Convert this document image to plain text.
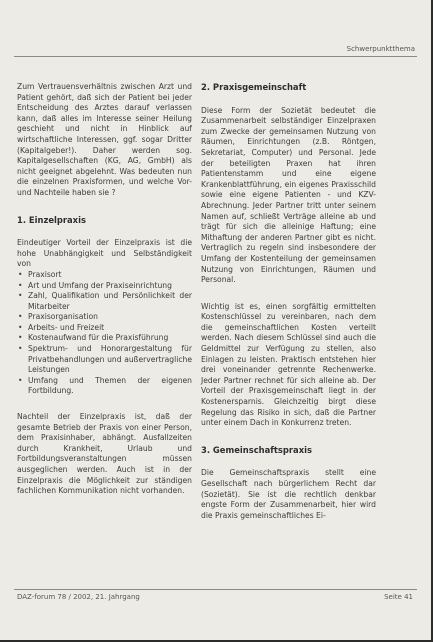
Schwerpunktthema

Zum Vertrauensverhältnis zwischen Arzt und Patient gehört, daß sich der Patient bei jeder Entscheidung des Arztes darauf verlassen kann, daß alles im Interesse seiner Heilung geschieht und nicht in Hinblick auf wirtschaftliche Interessen, ggf. sogar Dritter (Kapitalgeber!). Daher werden sog. Kapitalgesellschaften (KG, AG, GmbH) als nicht geeignet abgelehnt. Was bedeuten nun die einzelnen Praxisformen, und welche Vor- und Nachteile haben sie ?

1. Einzelpraxis

Eindeutiger Vorteil der Einzelpraxis ist die hohe Unabhängigkeit und Selbständigkeit von

• Praxisort
• Art und Umfang der Praxiseinrichtung
• Zahl, Qualifikation und Persönlichkeit der Mitarbeiter
• Praxisorganisation
• Arbeits- und Freizeit
• Kostenaufwand für die Praxisführung
• Spektrum- und Honorargestaltung für Privatbehandlungen und außervertragliche Leistungen
• Umfang und Themen der eigenen Fortbildung.

Nachteil der Einzelpraxis ist, daß der gesamte Betrieb der Praxis von einer Person, dem Praxisinhaber, abhängt. Ausfallzeiten durch Krankheit, Urlaub und Fortbildungsveranstaltungen müssen ausgeglichen werden. Auch ist in der Einzelpraxis die Möglichkeit zur ständigen fachlichen Kommunikation nicht vorhanden.

2. Praxisgemeinschaft

Diese Form der Sozietät bedeutet die Zusammenarbeit selbständiger Einzelpraxen zum Zwecke der gemeinsamen Nutzung von Räumen, Einrichtungen (z.B. Röntgen, Sekretariat, Computer) und Personal. Jede der beteiligten Praxen hat ihren Patientenstamm und eine eigene Krankenblattführung, ein eigenes Praxisschild sowie eine eigene Patienten - und KZV- Abrechnung. Jeder Partner tritt unter seinem Namen auf, schließt Verträge alleine ab und trägt für sich die alleinige Haftung; eine Mithaftung der anderen Partner gibt es nicht. Vertraglich zu regeln sind insbesondere der Umfang der Kostenteilung der gemeinsamen Nutzung von Einrichtungen, Räumen und Personal.

Wichtig ist es, einen sorgfältig ermittelten Kostenschlüssel zu vereinbaren, nach dem die gemeinschaftlichen Kosten verteilt werden. Nach diesem Schlüssel sind auch die Geldmittel zur Verfügung zu stellen, also Einlagen zu leisten. Praktisch entstehen hier drei voneinander getrennte Rechenwerke. Jeder Partner rechnet für sich alleine ab. Der Vorteil der Praxisgemeinschaft liegt in der Kostenersparnis. Gleichzeitig birgt diese Regelung das Risiko in sich, daß die Partner unter einem Dach in Konkurrenz treten.

3. Gemeinschaftspraxis

Die Gemeinschaftspraxis stellt eine Gesellschaft nach bürgerlichem Recht dar (Sozietät). Sie ist die rechtlich denkbar engste Form der Zusammenarbeit, hier wird die Praxis gemeinschaftliches Ei-

DAZ-forum 78 / 2002, 21. Jahrgang	Seite 41
